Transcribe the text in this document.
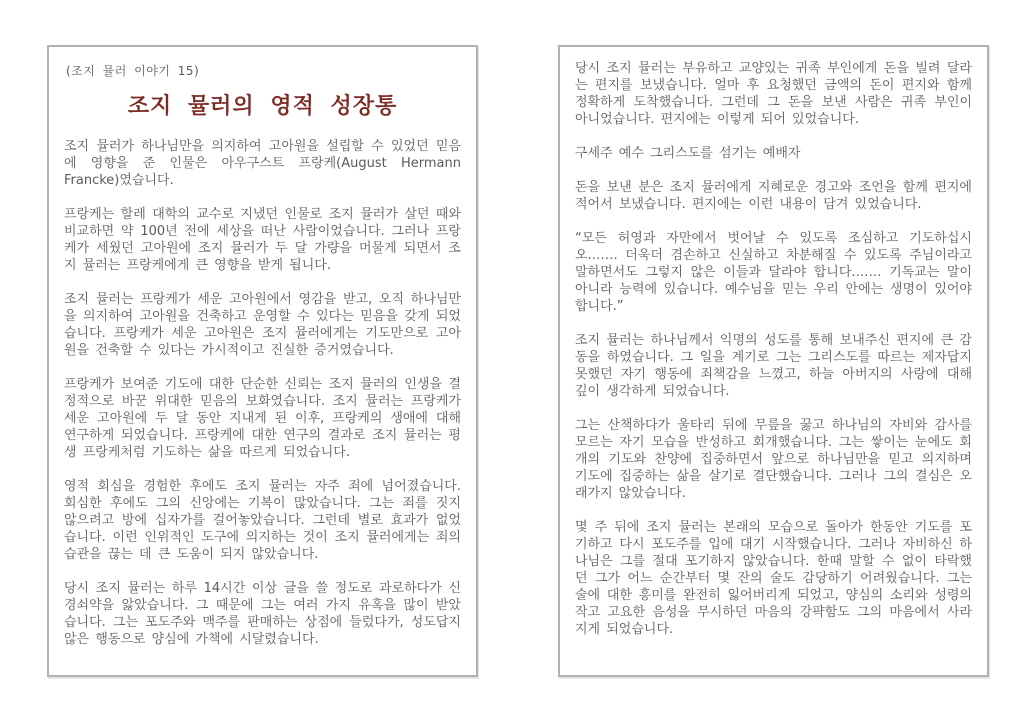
(조지 뮬러 이야기 15)
조지 뮬러의 영적 성장통

조지 뮬러가 하나님만을 의지하여 고아원을 설립할 수 있었던 믿음에 영향을 준 인물은 아우구스트 프랑케(August Hermann Francke)였습니다.

프랑케는 할레 대학의 교수로 지냈던 인물로 조지 뮬러가 살던 때와 비교하면 약 100년 전에 세상을 떠난 사람이었습니다. 그러나 프랑케가 세웠던 고아원에 조지 뮬러가 두 달 가량을 머물게 되면서 조지 뮬러는 프랑케에게 큰 영향을 받게 됩니다.

조지 뮬러는 프랑케가 세운 고아원에서 영감을 받고, 오직 하나님만을 의지하여 고아원을 건축하고 운영할 수 있다는 믿음을 갖게 되었습니다. 프랑케가 세운 고아원은 조지 뮬러에게는 기도만으로 고아원을 건축할 수 있다는 가시적이고 진실한 증거였습니다.

프랑케가 보여준 기도에 대한 단순한 신뢰는 조지 뮬러의 인생을 결정적으로 바꾼 위대한 믿음의 보화였습니다. 조지 뮬러는 프랑케가 세운 고아원에 두 달 동안 지내게 된 이후, 프랑케의 생애에 대해 연구하게 되었습니다. 프랑케에 대한 연구의 결과로 조지 뮬러는 평생 프랑케처럼 기도하는 삶을 따르게 되었습니다.

영적 회심을 경험한 후에도 조지 뮬러는 자주 죄에 넘어졌습니다. 회심한 후에도 그의 신앙에는 기복이 많았습니다. 그는 죄를 짓지 않으려고 방에 십자가를 걸어놓았습니다. 그런데 별로 효과가 없었습니다. 이런 인위적인 도구에 의지하는 것이 조지 뮬러에게는 죄의 습관을 끊는 데 큰 도움이 되지 않았습니다.

당시 조지 뮬러는 하루 14시간 이상 글을 쓸 정도로 과로하다가 신경쇠약을 앓았습니다. 그 때문에 그는 여러 가지 유혹을 많이 받았습니다. 그는 포도주와 맥주를 판매하는 상점에 들렀다가, 성도답지 않은 행동으로 양심에 가책에 시달렸습니다.

당시 조지 뮬러는 부유하고 교양있는 귀족 부인에게 돈을 빌려 달라는 편지를 보냈습니다. 얼마 후 요청했던 금액의 돈이 편지와 함께 정확하게 도착했습니다. 그런데 그 돈을 보낸 사람은 귀족 부인이 아니었습니다. 편지에는 이렇게 되어 있었습니다.

구세주 예수 그리스도를 섬기는 예배자

돈을 보낸 분은 조지 뮬러에게 지혜로운 경고와 조언을 함께 편지에 적어서 보냈습니다. 편지에는 이런 내용이 담겨 있었습니다.

“모든 허영과 자만에서 벗어날 수 있도록 조심하고 기도하십시오.…… 더욱더 겸손하고 신실하고 차분해질 수 있도록 주님이라고 말하면서도 그렇지 않은 이들과 달라야 합니다.…… 기독교는 말이 아니라 능력에 있습니다. 예수님을 믿는 우리 안에는 생명이 있어야 합니다.”

조지 뮬러는 하나님께서 익명의 성도를 통해 보내주신 편지에 큰 감동을 하였습니다. 그 일을 계기로 그는 그리스도를 따르는 제자답지 못했던 자기 행동에 죄책감을 느꼈고, 하늘 아버지의 사랑에 대해 깊이 생각하게 되었습니다.

그는 산책하다가 울타리 뒤에 무릎을 꿇고 하나님의 자비와 감사를 모르는 자기 모습을 반성하고 회개했습니다. 그는 쌓이는 눈에도 회개의 기도와 찬양에 집중하면서 앞으로 하나님만을 믿고 의지하며 기도에 집중하는 삶을 살기로 결단했습니다. 그러나 그의 결심은 오래가지 않았습니다.

몇 주 뒤에 조지 뮬러는 본래의 모습으로 돌아가 한동안 기도를 포기하고 다시 포도주를 입에 대기 시작했습니다. 그러나 자비하신 하나님은 그를 절대 포기하지 않았습니다. 한때 말할 수 없이 타락했던 그가 어느 순간부터 몇 잔의 술도 감당하기 어려웠습니다. 그는 술에 대한 흥미를 완전히 잃어버리게 되었고, 양심의 소리와 성령의 작고 고요한 음성을 무시하던 마음의 강퍅함도 그의 마음에서 사라지게 되었습니다.
